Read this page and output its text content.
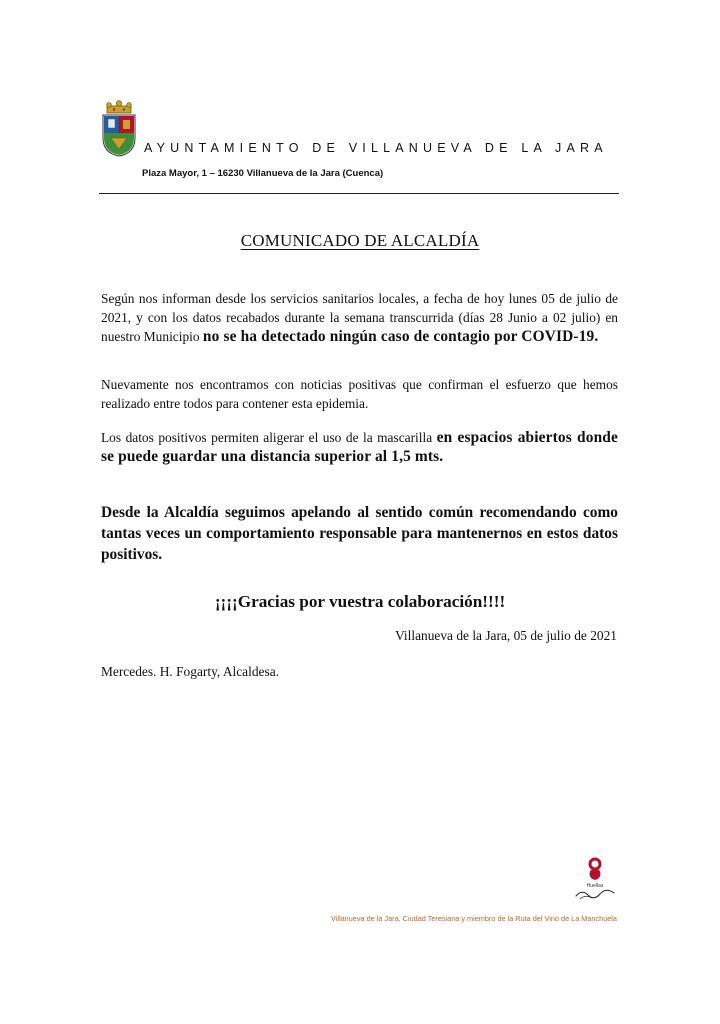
AYUNTAMIENTO DE VILLANUEVA DE LA JARA
Plaza Mayor, 1 – 16230 Villanueva de la Jara (Cuenca)
COMUNICADO DE ALCALDÍA
Según nos informan desde los servicios sanitarios locales, a fecha de hoy lunes 05 de julio de 2021, y con los datos recabados durante la semana transcurrida (días 28 Junio a 02 julio) en nuestro Municipio no se ha detectado ningún caso de contagio por COVID-19.
Nuevamente nos encontramos con noticias positivas que confirman el esfuerzo que hemos realizado entre todos para contener esta epidemia.
Los datos positivos permiten aligerar el uso de la mascarilla en espacios abiertos donde se puede guardar una distancia superior al 1,5 mts.
Desde la Alcaldía seguimos apelando al sentido común recomendando como tantas veces un comportamiento responsable para mantenernos en estos datos positivos.
¡¡¡¡Gracias por vuestra colaboración!!!!
Villanueva de la Jara, 05 de julio de 2021
Mercedes. H. Fogarty, Alcaldesa.
Huellas
Villanueva de la Jara, Ciudad Teresiana y miembro de la Ruta del Vino de La Manchuela
